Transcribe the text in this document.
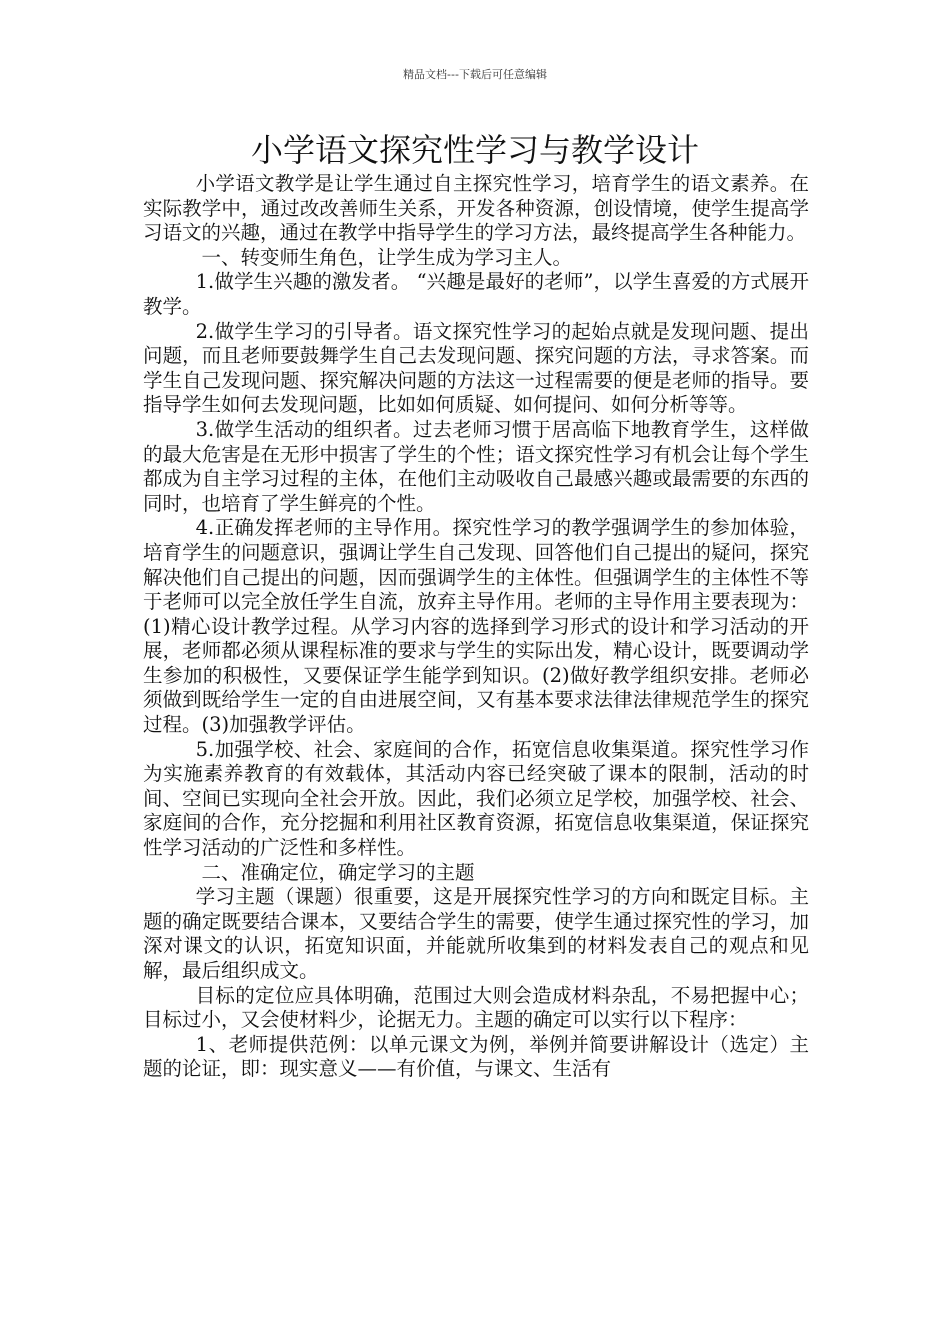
精品文档---下载后可任意编辑
小学语文探究性学习与教学设计

小学语文教学是让学生通过自主探究性学习，培育学生的语文素养。在实际教学中，通过改改善师生关系，开发各种资源，创设情境，使学生提高学习语文的兴趣，通过在教学中指导学生的学习方法，最终提高学生各种能力。

一、转变师生角色，让学生成为学习主人。

1.做学生兴趣的激发者。 “兴趣是最好的老师”，以学生喜爱的方式展开教学。

2.做学生学习的引导者。语文探究性学习的起始点就是发现问题、提出问题，而且老师要鼓舞学生自己去发现问题、探究问题的方法，寻求答案。而学生自己发现问题、探究解决问题的方法这一过程需要的便是老师的指导。要指导学生如何去发现问题，比如如何质疑、如何提问、如何分析等等。

3.做学生活动的组织者。过去老师习惯于居高临下地教育学生，这样做的最大危害是在无形中损害了学生的个性；语文探究性学习有机会让每个学生都成为自主学习过程的主体，在他们主动吸收自己最感兴趣或最需要的东西的同时，也培育了学生鲜亮的个性。

4.正确发挥老师的主导作用。探究性学习的教学强调学生的参加体验，培育学生的问题意识，强调让学生自己发现、回答他们自己提出的疑问，探究解决他们自己提出的问题，因而强调学生的主体性。但强调学生的主体性不等于老师可以完全放任学生自流，放弃主导作用。老师的主导作用主要表现为：(1)精心设计教学过程。从学习内容的选择到学习形式的设计和学习活动的开展，老师都必须从课程标准的要求与学生的实际出发，精心设计，既要调动学生参加的积极性，又要保证学生能学到知识。(2)做好教学组织安排。老师必须做到既给学生一定的自由进展空间，又有基本要求法律法律规范学生的探究过程。(3)加强教学评估。

5.加强学校、社会、家庭间的合作，拓宽信息收集渠道。探究性学习作为实施素养教育的有效载体，其活动内容已经突破了课本的限制，活动的时间、空间已实现向全社会开放。因此，我们必须立足学校，加强学校、社会、家庭间的合作，充分挖掘和利用社区教育资源，拓宽信息收集渠道，保证探究性学习活动的广泛性和多样性。

二、准确定位，确定学习的主题

学习主题（课题）很重要，这是开展探究性学习的方向和既定目标。主题的确定既要结合课本，又要结合学生的需要，使学生通过探究性的学习，加深对课文的认识，拓宽知识面，并能就所收集到的材料发表自己的观点和见解，最后组织成文。

目标的定位应具体明确，范围过大则会造成材料杂乱，不易把握中心；目标过小，又会使材料少，论据无力。主题的确定可以实行以下程序：

1、老师提供范例：以单元课文为例，举例并简要讲解设计（选定）主题的论证，即：现实意义——有价值，与课文、生活有
